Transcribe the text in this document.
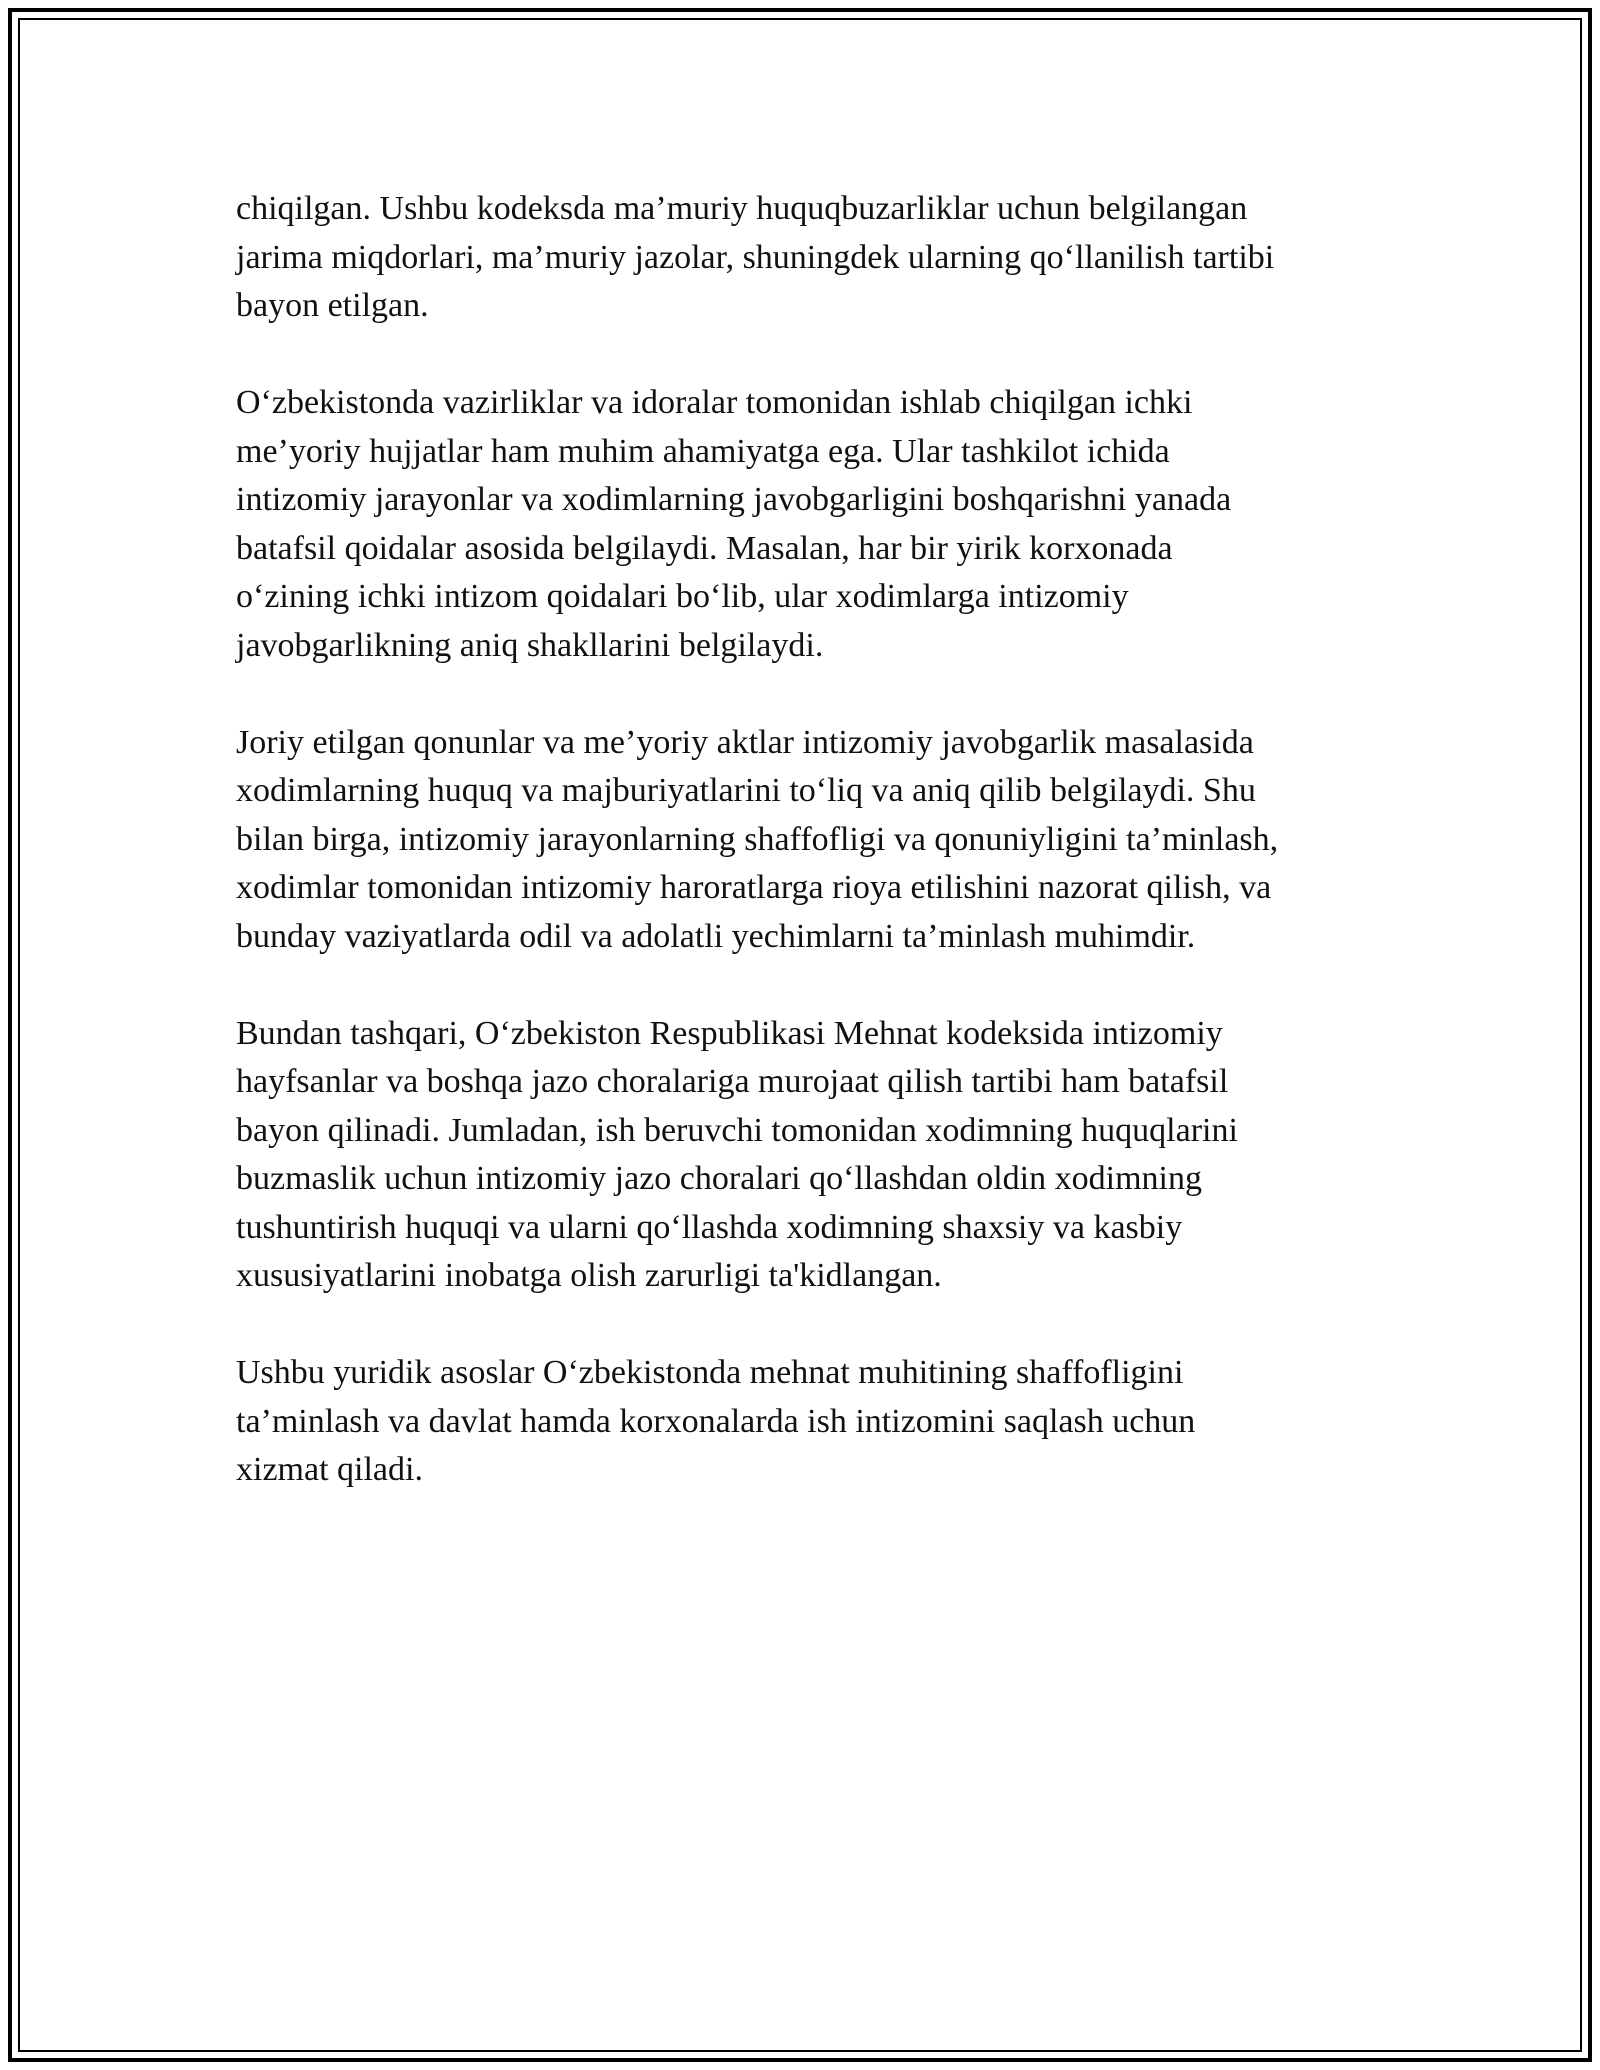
chiqilgan. Ushbu kodeksda ma’muriy huquqbuzarliklar uchun belgilangan
jarima miqdorlari, ma’muriy jazolar, shuningdek ularning qo‘llanilish tartibi
bayon etilgan.

O‘zbekistonda vazirliklar va idoralar tomonidan ishlab chiqilgan ichki
me’yoriy hujjatlar ham muhim ahamiyatga ega. Ular tashkilot ichida
intizomiy jarayonlar va xodimlarning javobgarligini boshqarishni yanada
batafsil qoidalar asosida belgilaydi. Masalan, har bir yirik korxonada
o‘zining ichki intizom qoidalari bo‘lib, ular xodimlarga intizomiy
javobgarlikning aniq shakllarini belgilaydi.

Joriy etilgan qonunlar va me’yoriy aktlar intizomiy javobgarlik masalasida
xodimlarning huquq va majburiyatlarini to‘liq va aniq qilib belgilaydi. Shu
bilan birga, intizomiy jarayonlarning shaffofligi va qonuniyligini ta’minlash,
xodimlar tomonidan intizomiy haroratlarga rioya etilishini nazorat qilish, va
bunday vaziyatlarda odil va adolatli yechimlarni ta’minlash muhimdir.

Bundan tashqari, O‘zbekiston Respublikasi Mehnat kodeksida intizomiy
hayfsanlar va boshqa jazo choralariga murojaat qilish tartibi ham batafsil
bayon qilinadi. Jumladan, ish beruvchi tomonidan xodimning huquqlarini
buzmaslik uchun intizomiy jazo choralari qo‘llashdan oldin xodimning
tushuntirish huquqi va ularni qo‘llashda xodimning shaxsiy va kasbiy
xususiyatlarini inobatga olish zarurligi ta'kidlangan.

Ushbu yuridik asoslar O‘zbekistonda mehnat muhitining shaffofligini
ta’minlash va davlat hamda korxonalarda ish intizomini saqlash uchun
xizmat qiladi.
